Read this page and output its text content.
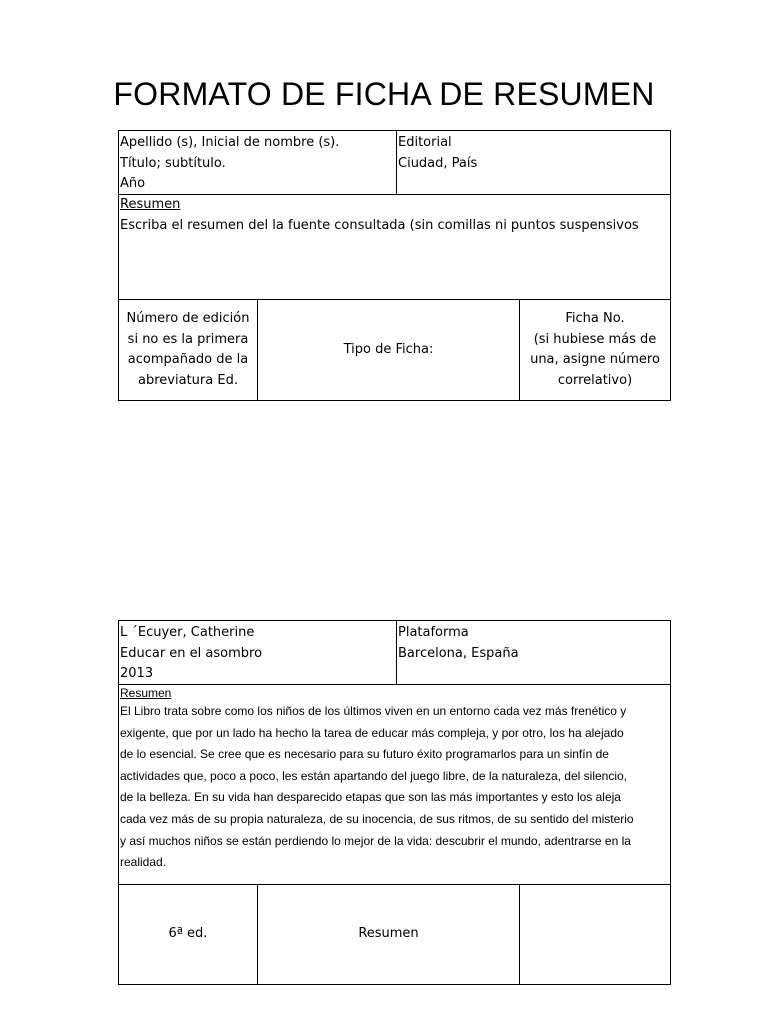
FORMATO DE FICHA DE RESUMEN
Apellido (s), Inicial de nombre (s).
Título; subtítulo.
Año
Editorial
Ciudad, País
Resumen
Escriba el resumen del la fuente consultada (sin comillas ni puntos suspensivos
Número de edición
si no es la primera
acompañado de la
abreviatura Ed.
Tipo de Ficha:
Ficha No.
(si hubiese más de
una, asigne número
correlativo)
L ´Ecuyer, Catherine
Educar en el asombro
2013
Plataforma
Barcelona, España
Resumen
El Libro trata sobre como los niños de los últimos viven en un entorno cada vez más frenético y
exigente, que por un lado ha hecho la tarea de educar más compleja, y por otro, los ha alejado
de lo esencial. Se cree que es necesario para su futuro éxito programarlos para un sinfín de
actividades que, poco a poco, les están apartando del juego libre, de la naturaleza, del silencio,
de la belleza. En su vida han desparecido etapas que son las más importantes y esto los aleja
cada vez más de su propia naturaleza, de su inocencia, de sus ritmos, de su sentido del misterio
y así muchos niños se están perdiendo lo mejor de la vida: descubrir el mundo, adentrarse en la
realidad.
6ª ed.	Resumen
